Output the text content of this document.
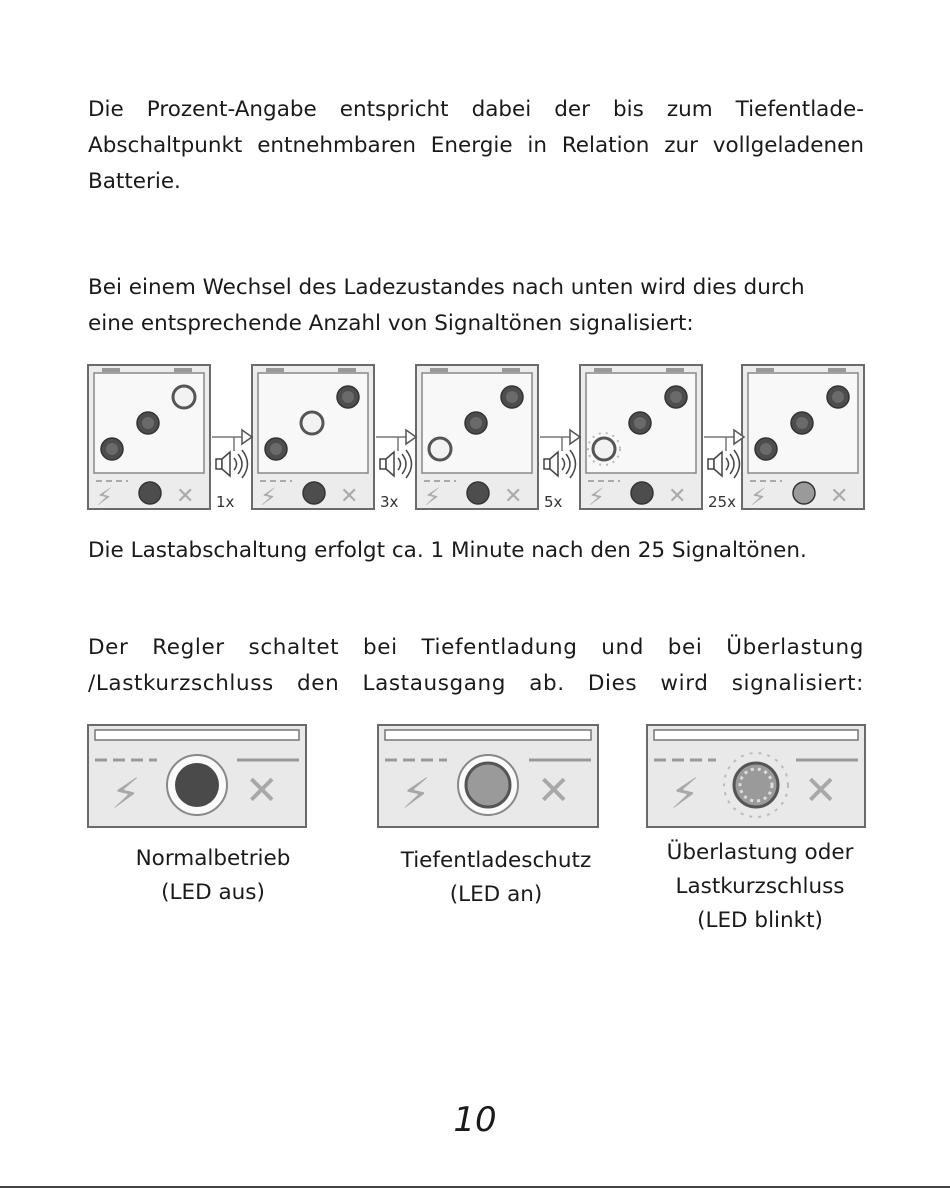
Die Prozent-Angabe entspricht dabei der bis zum Tiefentlade-
Abschaltpunkt entnehmbaren Energie in Relation zur vollgeladenen
Batterie.
Bei einem Wechsel des Ladezustandes nach unten wird dies durch
eine entsprechende Anzahl von Signaltönen signalisiert:
⚡	✕	⚡	✕	⚡	✕	⚡	✕	⚡	✕
1x	3x	5x	25x
Die Lastabschaltung erfolgt ca. 1 Minute nach den 25 Signaltönen.
Der Regler schaltet bei Tiefentladung und bei Überlastung
/Lastkurzschluss den Lastausgang ab. Dies wird signalisiert:
⚡	✕	⚡	✕ ⚡	✕
Normalbetrieb
(LED aus)
Tiefentladeschutz
(LED an)
Überlastung oder
Lastkurzschluss
(LED blinkt)
10
